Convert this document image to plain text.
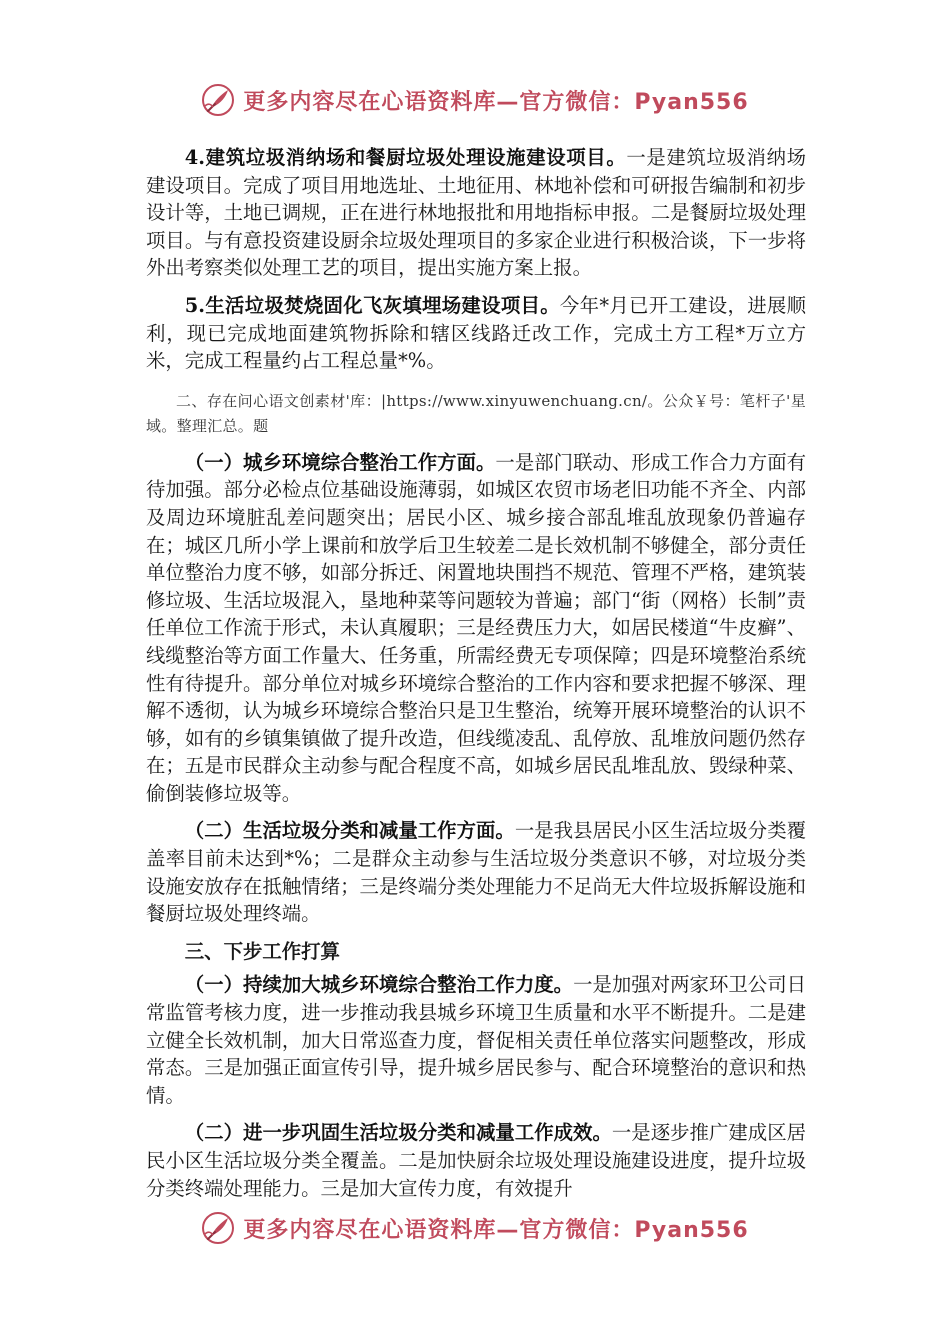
更多内容尽在心语资料库—官方微信：Pyan556

4.建筑垃圾消纳场和餐厨垃圾处理设施建设项目。一是建筑垃圾消纳场建设项目。完成了项目用地选址、土地征用、林地补偿和可研报告编制和初步设计等，土地已调规，正在进行林地报批和用地指标申报。二是餐厨垃圾处理项目。与有意投资建设厨余垃圾处理项目的多家企业进行积极洽谈，下一步将外出考察类似处理工艺的项目，提出实施方案上报。

5.生活垃圾焚烧固化飞灰填埋场建设项目。今年*月已开工建设，进展顺利，现已完成地面建筑物拆除和辖区线路迁改工作，完成土方工程*万立方米，完成工程量约占工程总量*%。

二、存在问心语文创素材'库：|https://www.xinyuwenchuang.cn/。公众￥号：笔杆子'星域。整理汇总。题

（一）城乡环境综合整治工作方面。一是部门联动、形成工作合力方面有待加强。部分必检点位基础设施薄弱，如城区农贸市场老旧功能不齐全、内部及周边环境脏乱差问题突出；居民小区、城乡接合部乱堆乱放现象仍普遍存在；城区几所小学上课前和放学后卫生较差二是长效机制不够健全，部分责任单位整治力度不够，如部分拆迁、闲置地块围挡不规范、管理不严格，建筑装修垃圾、生活垃圾混入，垦地种菜等问题较为普遍；部门“街（网格）长制”责任单位工作流于形式，未认真履职；三是经费压力大，如居民楼道“牛皮癣”、线缆整治等方面工作量大、任务重，所需经费无专项保障；四是环境整治系统性有待提升。部分单位对城乡环境综合整治的工作内容和要求把握不够深、理解不透彻，认为城乡环境综合整治只是卫生整治，统筹开展环境整治的认识不够，如有的乡镇集镇做了提升改造，但线缆凌乱、乱停放、乱堆放问题仍然存在；五是市民群众主动参与配合程度不高，如城乡居民乱堆乱放、毁绿种菜、偷倒装修垃圾等。

（二）生活垃圾分类和减量工作方面。一是我县居民小区生活垃圾分类覆盖率目前未达到*%；二是群众主动参与生活垃圾分类意识不够，对垃圾分类设施安放存在抵触情绪；三是终端分类处理能力不足尚无大件垃圾拆解设施和餐厨垃圾处理终端。

三、下步工作打算

（一）持续加大城乡环境综合整治工作力度。一是加强对两家环卫公司日常监管考核力度，进一步推动我县城乡环境卫生质量和水平不断提升。二是建立健全长效机制，加大日常巡查力度，督促相关责任单位落实问题整改，形成常态。三是加强正面宣传引导，提升城乡居民参与、配合环境整治的意识和热情。

（二）进一步巩固生活垃圾分类和减量工作成效。一是逐步推广建成区居民小区生活垃圾分类全覆盖。二是加快厨余垃圾处理设施建设进度，提升垃圾分类终端处理能力。三是加大宣传力度，有效提升

更多内容尽在心语资料库—官方微信：Pyan556
